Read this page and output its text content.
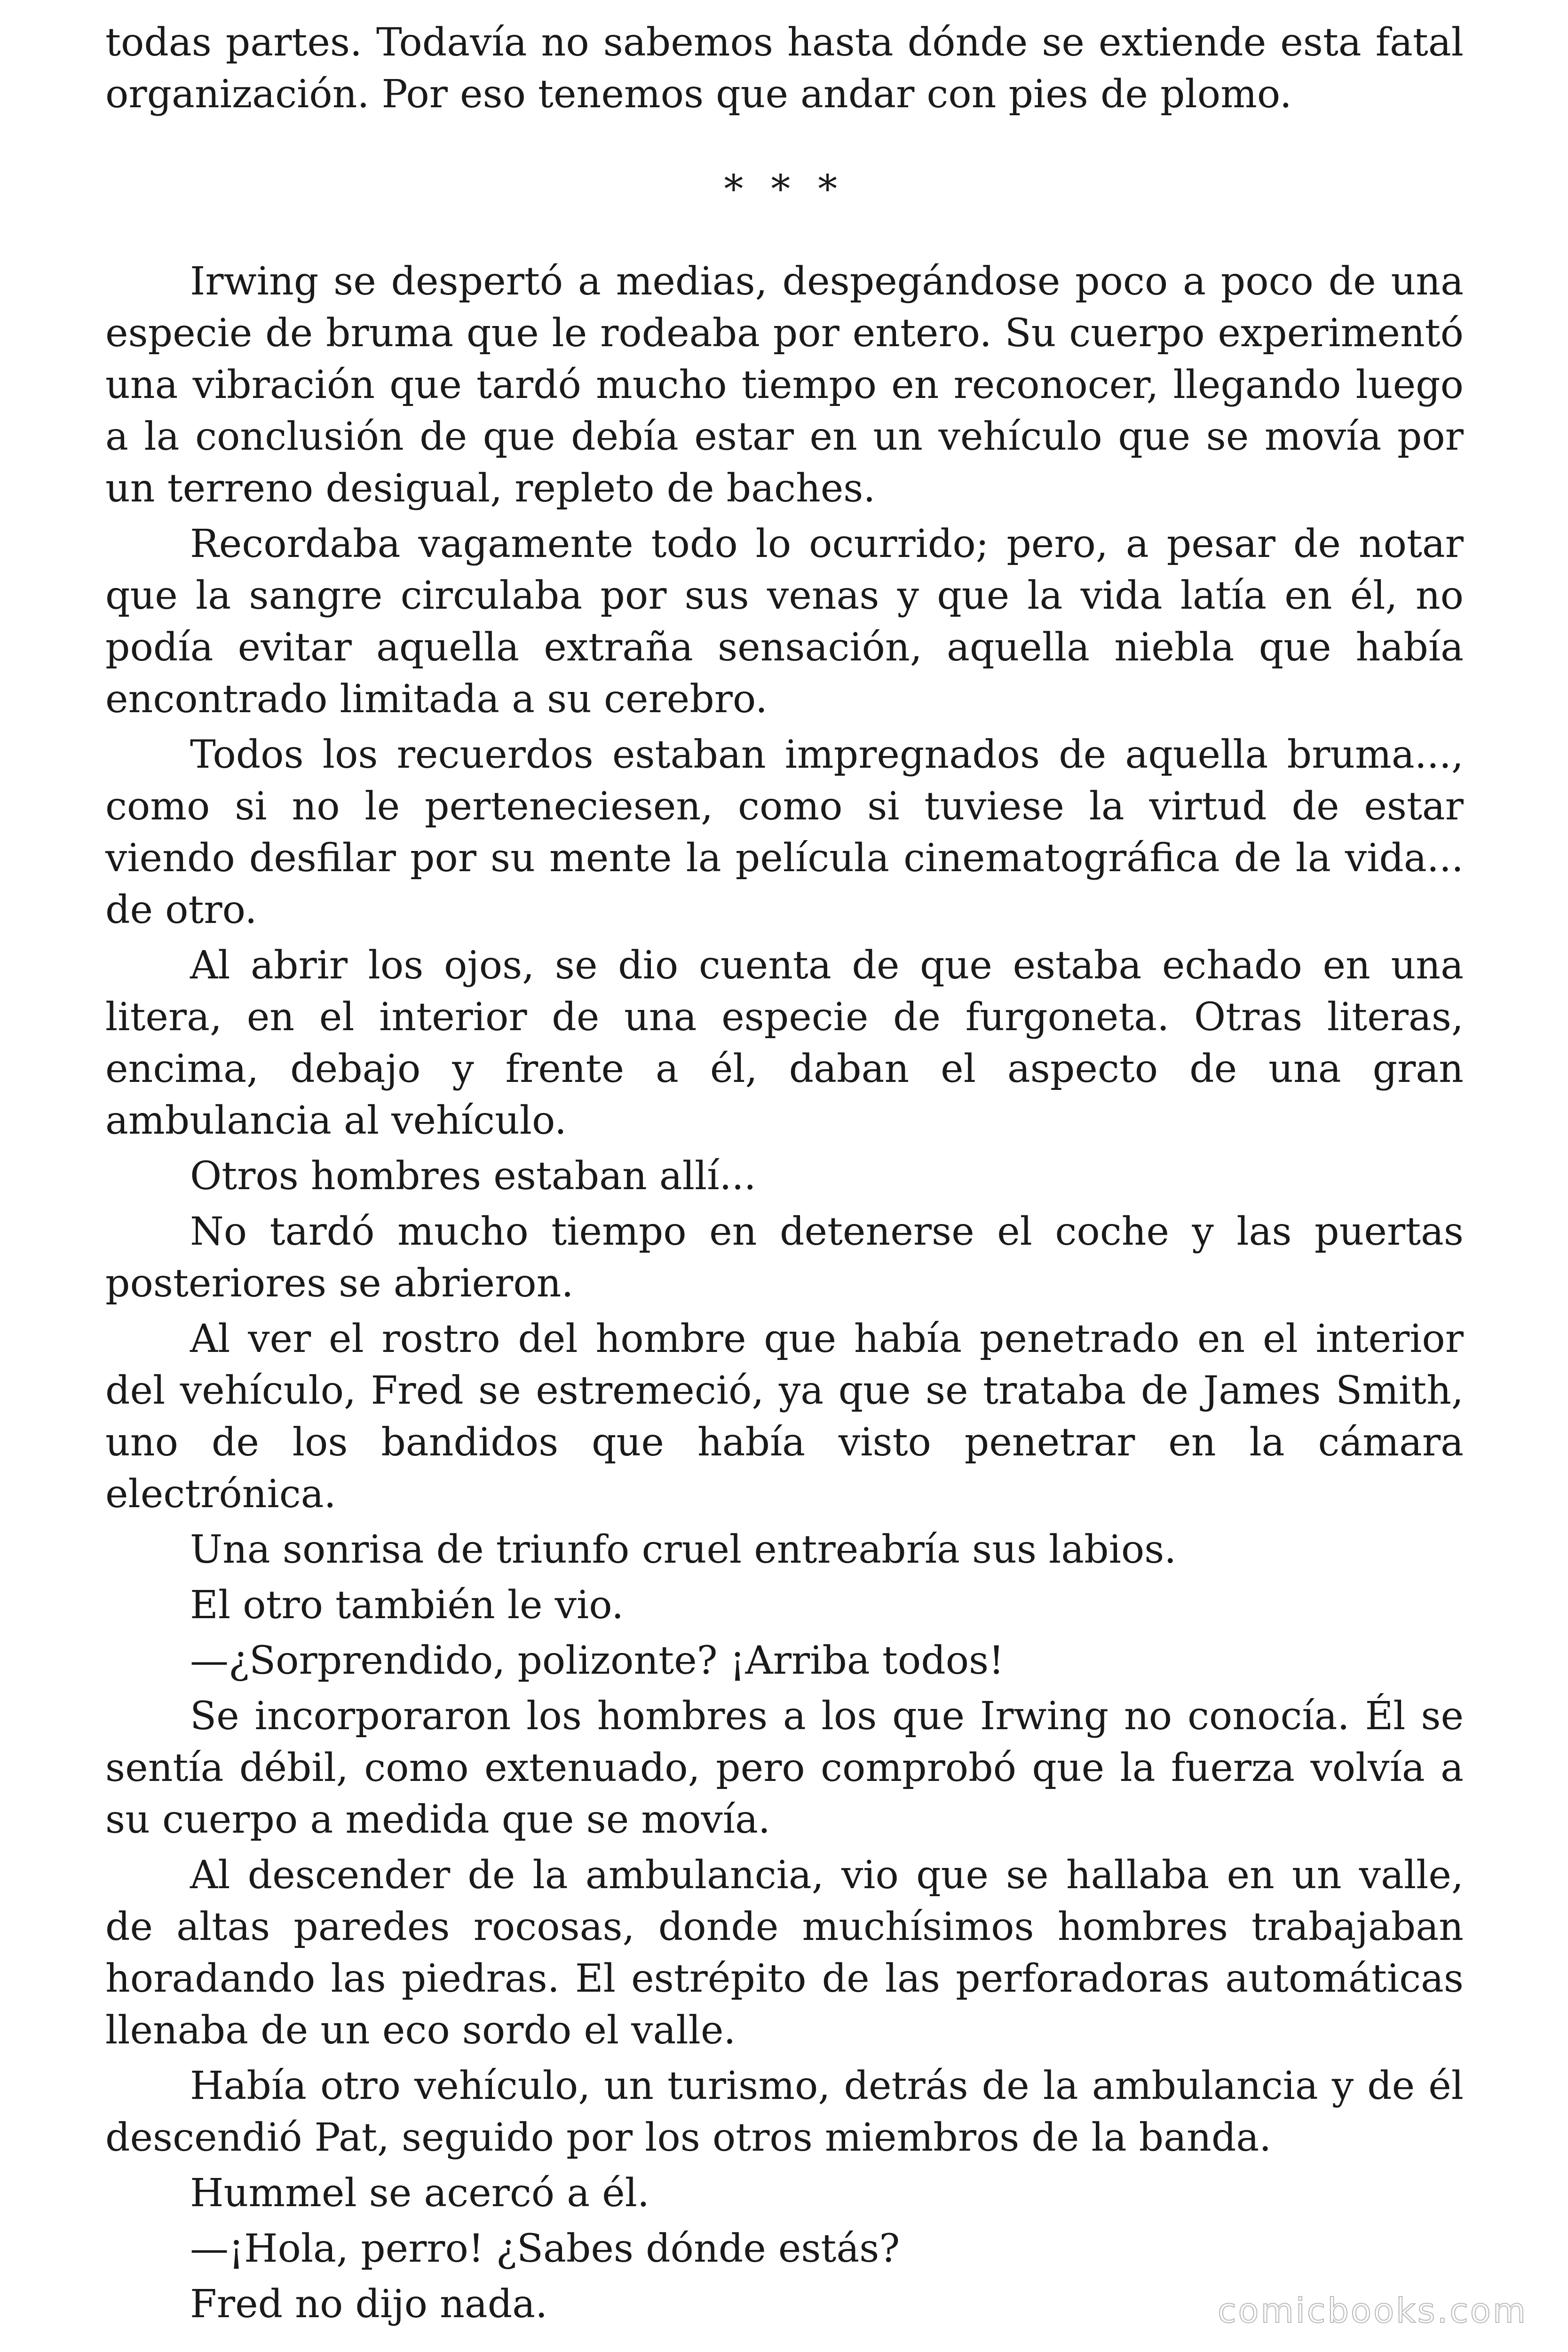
todas partes. Todavía no sabemos hasta dónde se extiende esta fatal organización. Por eso tenemos que andar con pies de plomo.

* * *

Irwing se despertó a medias, despegándose poco a poco de una especie de bruma que le rodeaba por entero. Su cuerpo experimentó una vibración que tardó mucho tiempo en reconocer, llegando luego a la conclusión de que debía estar en un vehículo que se movía por un terreno desigual, repleto de baches.

Recordaba vagamente todo lo ocurrido; pero, a pesar de notar que la sangre circulaba por sus venas y que la vida latía en él, no podía evitar aquella extraña sensación, aquella niebla que había encontrado limitada a su cerebro.

Todos los recuerdos estaban impregnados de aquella bruma..., como si no le perteneciesen, como si tuviese la virtud de estar viendo desfilar por su mente la película cinematográfica de la vida... de otro.

Al abrir los ojos, se dio cuenta de que estaba echado en una litera, en el interior de una especie de furgoneta. Otras literas, encima, debajo y frente a él, daban el aspecto de una gran ambulancia al vehículo.

Otros hombres estaban allí...

No tardó mucho tiempo en detenerse el coche y las puertas posteriores se abrieron.

Al ver el rostro del hombre que había penetrado en el interior del vehículo, Fred se estremeció, ya que se trataba de James Smith, uno de los bandidos que había visto penetrar en la cámara electrónica.

Una sonrisa de triunfo cruel entreabría sus labios.

El otro también le vio.

—¿Sorprendido, polizonte? ¡Arriba todos!

Se incorporaron los hombres a los que Irwing no conocía. Él se sentía débil, como extenuado, pero comprobó que la fuerza volvía a su cuerpo a medida que se movía.

Al descender de la ambulancia, vio que se hallaba en un valle, de altas paredes rocosas, donde muchísimos hombres trabajaban horadando las piedras. El estrépito de las perforadoras automáticas llenaba de un eco sordo el valle.

Había otro vehículo, un turismo, detrás de la ambulancia y de él descendió Pat, seguido por los otros miembros de la banda.

Hummel se acercó a él.

—¡Hola, perro! ¿Sabes dónde estás?

Fred no dijo nada.	comicbooks.com
